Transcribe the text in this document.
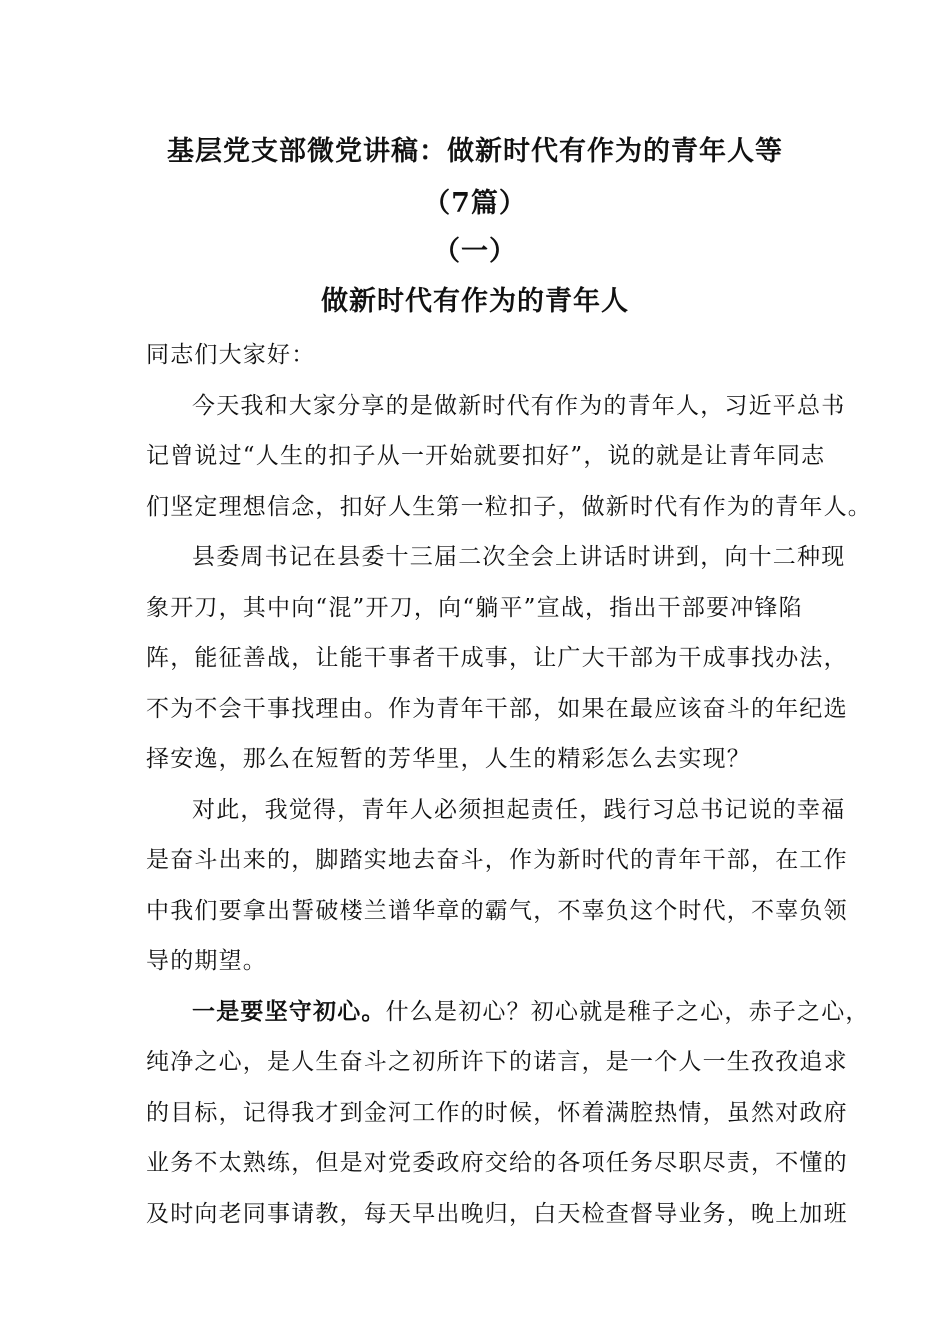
基层党支部微党讲稿：做新时代有作为的青年人等
（7篇）
（一）
做新时代有作为的青年人
同志们大家好：
今天我和大家分享的是做新时代有作为的青年人，习近平总书
记曾说过“人生的扣子从一开始就要扣好”，说的就是让青年同志
们坚定理想信念，扣好人生第一粒扣子，做新时代有作为的青年人。
县委周书记在县委十三届二次全会上讲话时讲到，向十二种现
象开刀，其中向“混”开刀，向“躺平”宣战，指出干部要冲锋陷
阵，能征善战，让能干事者干成事，让广大干部为干成事找办法，
不为不会干事找理由。作为青年干部，如果在最应该奋斗的年纪选
择安逸，那么在短暂的芳华里，人生的精彩怎么去实现？
对此，我觉得，青年人必须担起责任，践行习总书记说的幸福
是奋斗出来的，脚踏实地去奋斗，作为新时代的青年干部，在工作
中我们要拿出誓破楼兰谱华章的霸气，不辜负这个时代，不辜负领
导的期望。
一是要坚守初心。什么是初心？初心就是稚子之心，赤子之心，
纯净之心，是人生奋斗之初所许下的诺言，是一个人一生孜孜追求
的目标，记得我才到金河工作的时候，怀着满腔热情，虽然对政府
业务不太熟练，但是对党委政府交给的各项任务尽职尽责，不懂的
及时向老同事请教，每天早出晚归，白天检查督导业务，晚上加班
